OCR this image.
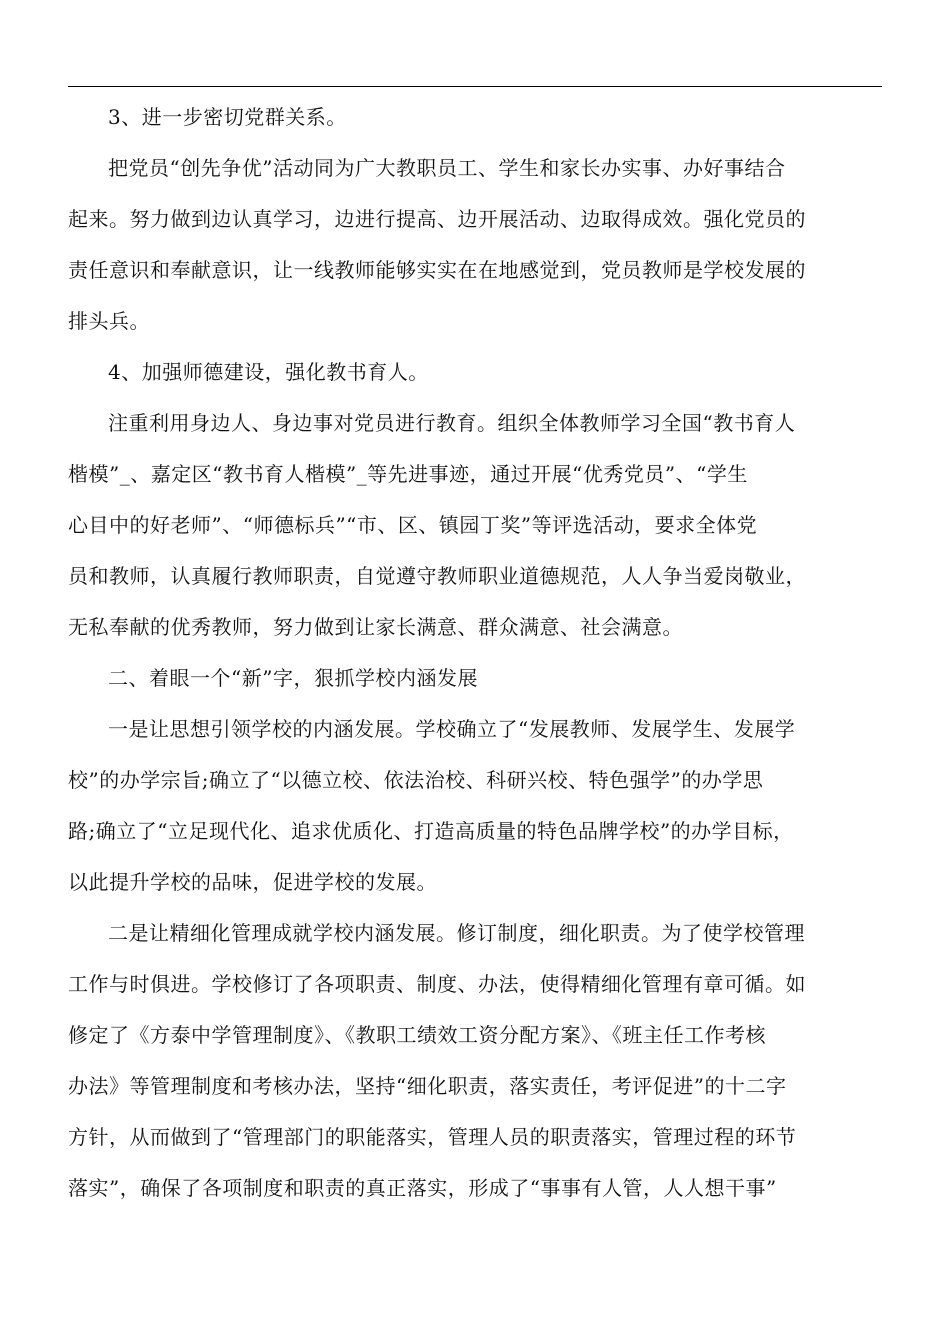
3、进一步密切党群关系。

把党员“创先争优”活动同为广大教职员工、学生和家长办实事、办好事结合
起来。努力做到边认真学习，边进行提高、边开展活动、边取得成效。强化党员的
责任意识和奉献意识，让一线教师能够实实在在地感觉到，党员教师是学校发展的
排头兵。

4、加强师德建设，强化教书育人。

注重利用身边人、身边事对党员进行教育。组织全体教师学习全国“教书育人
楷模”_、嘉定区“教书育人楷模”_等先进事迹，通过开展“优秀党员”、“学生
心目中的好老师”、“师德标兵”“市、区、镇园丁奖”等评选活动，要求全体党
员和教师，认真履行教师职责，自觉遵守教师职业道德规范，人人争当爱岗敬业，
无私奉献的优秀教师，努力做到让家长满意、群众满意、社会满意。

二、着眼一个“新”字，狠抓学校内涵发展

一是让思想引领学校的内涵发展。学校确立了“发展教师、发展学生、发展学
校”的办学宗旨;确立了“以德立校、依法治校、科研兴校、特色强学”的办学思
路;确立了“立足现代化、追求优质化、打造高质量的特色品牌学校”的办学目标，
以此提升学校的品味，促进学校的发展。

二是让精细化管理成就学校内涵发展。修订制度，细化职责。为了使学校管理
工作与时俱进。学校修订了各项职责、制度、办法，使得精细化管理有章可循。如
修定了《方泰中学管理制度》、《教职工绩效工资分配方案》、《班主任工作考核
办法》等管理制度和考核办法，坚持“细化职责，落实责任，考评促进”的十二字
方针，从而做到了“管理部门的职能落实，管理人员的职责落实，管理过程的环节
落实”，确保了各项制度和职责的真正落实，形成了“事事有人管，人人想干事”
